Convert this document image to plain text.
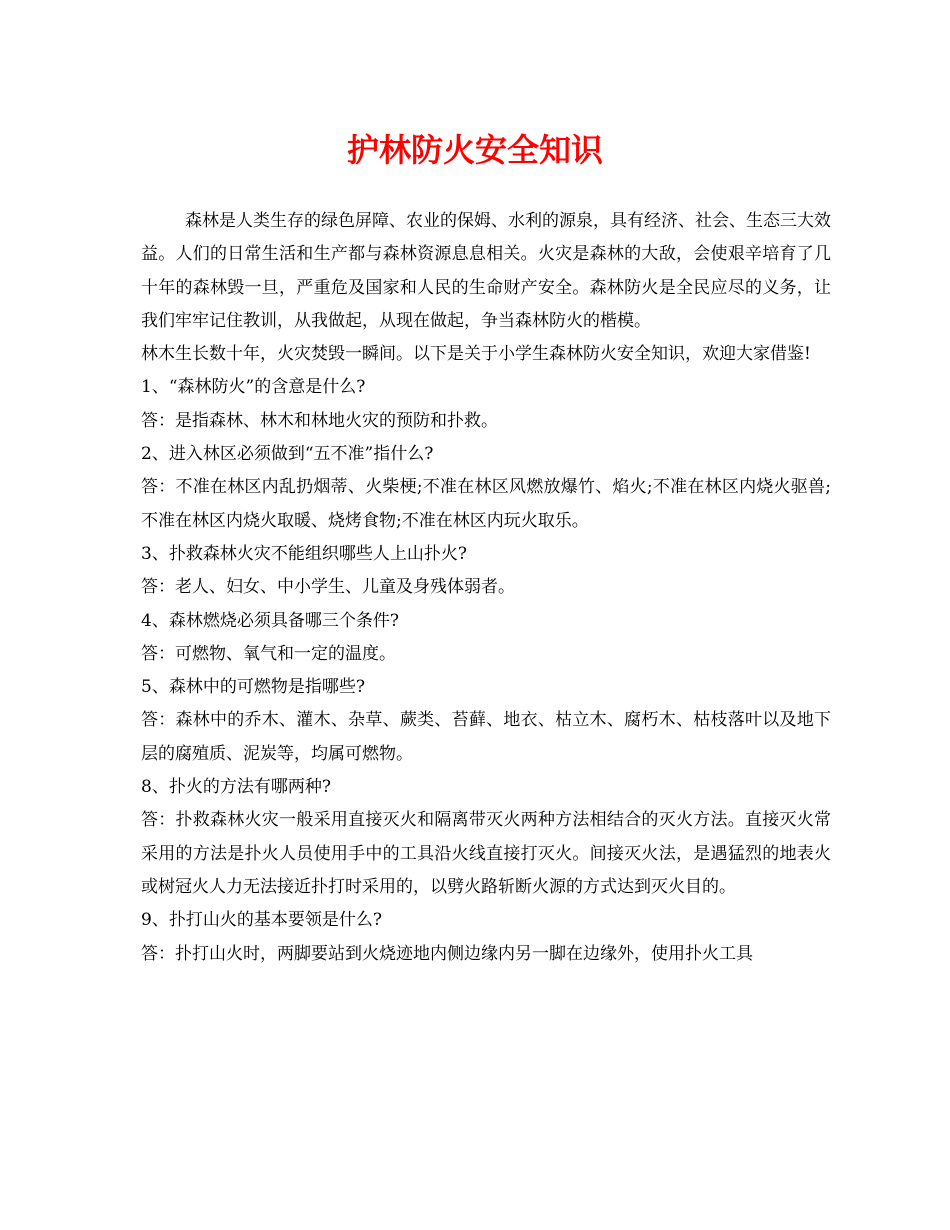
护林防火安全知识

森林是人类生存的绿色屏障、农业的保姆、水利的源泉，具有经济、社会、生态三大效益。人们的日常生活和生产都与森林资源息息相关。火灾是森林的大敌，会使艰辛培育了几十年的森林毁一旦，严重危及国家和人民的生命财产安全。森林防火是全民应尽的义务，让我们牢牢记住教训，从我做起，从现在做起，争当森林防火的楷模。

林木生长数十年，火灾焚毁一瞬间。以下是关于小学生森林防火安全知识，欢迎大家借鉴!

1、“森林防火”的含意是什么?

答：是指森林、林木和林地火灾的预防和扑救。

2、进入林区必须做到“五不准”指什么?

答：不准在林区内乱扔烟蒂、火柴梗;不准在林区风燃放爆竹、焰火;不准在林区内烧火驱兽;不准在林区内烧火取暖、烧烤食物;不准在林区内玩火取乐。

3、扑救森林火灾不能组织哪些人上山扑火?

答：老人、妇女、中小学生、儿童及身残体弱者。

4、森林燃烧必须具备哪三个条件?

答：可燃物、氧气和一定的温度。

5、森林中的可燃物是指哪些?

答：森林中的乔木、灌木、杂草、蕨类、苔藓、地衣、枯立木、腐朽木、枯枝落叶以及地下层的腐殖质、泥炭等，均属可燃物。

8、扑火的方法有哪两种?

答：扑救森林火灾一般采用直接灭火和隔离带灭火两种方法相结合的灭火方法。直接灭火常采用的方法是扑火人员使用手中的工具沿火线直接打灭火。间接灭火法，是遇猛烈的地表火或树冠火人力无法接近扑打时采用的，以劈火路斩断火源的方式达到灭火目的。

9、扑打山火的基本要领是什么?

答：扑打山火时，两脚要站到火烧迹地内侧边缘内另一脚在边缘外，使用扑火工具
